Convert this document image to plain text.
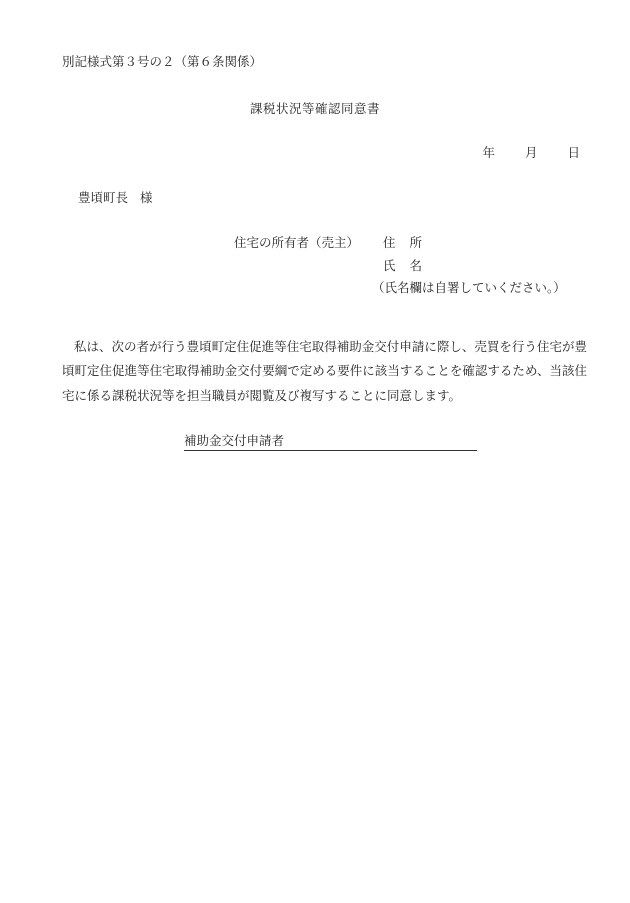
別記様式第３号の２（第６条関係）
課税状況等確認同意書
年 月 日
豊頃町長 様
住宅の所有者（売主） 住 所
氏 名
（氏名欄は自署していください。）

私は、次の者が行う豊頃町定住促進等住宅取得補助金交付申請に際し、売買を行う住宅が豊頃町定住促進等住宅取得補助金交付要綱で定める要件に該当することを確認するため、当該住宅に係る課税状況等を担当職員が閲覧及び複写することに同意します。

補助金交付申請者
